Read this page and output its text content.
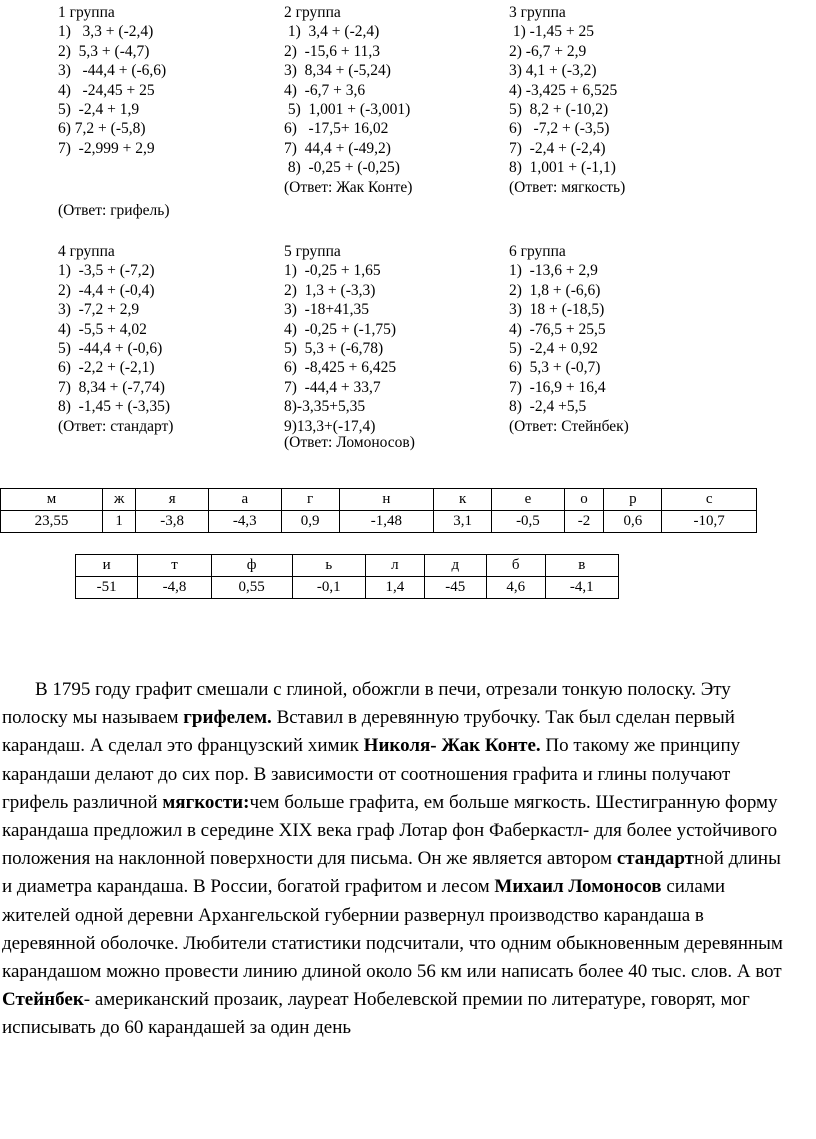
1 группа
1)   3,3 + (-2,4)
2)  5,3 + (-4,7)
3)   -44,4 + (-6,6)
4)   -24,45 + 25
5)  -2,4 + 1,9
6) 7,2 + (-5,8)
7)  -2,999 + 2,9
(Ответ: грифель)
2 группа
1)  3,4 + (-2,4)
2)  -15,6 + 11,3
3)  8,34 + (-5,24)
4)  -6,7 + 3,6
5)  1,001 + (-3,001)
6)   -17,5+ 16,02
7)  44,4 + (-49,2)
8)  -0,25 + (-0,25)
(Ответ: Жак Конте)
3 группа
1) -1,45 + 25
2) -6,7 + 2,9
3) 4,1 + (-3,2)
4) -3,425 + 6,525
5)  8,2 + (-10,2)
6)   -7,2 + (-3,5)
7)  -2,4 + (-2,4)
8)  1,001 + (-1,1)
(Ответ: мягкость)
4 группа
1)  -3,5 + (-7,2)
2)  -4,4 + (-0,4)
3)  -7,2 + 2,9
4)  -5,5 + 4,02
5)  -44,4 + (-0,6)
6)  -2,2 + (-2,1)
7)  8,34 + (-7,74)
8)  -1,45 + (-3,35)
(Ответ: стандарт)
5 группа
1)  -0,25 + 1,65
2)  1,3 + (-3,3)
3)  -18+41,35
4)  -0,25 + (-1,75)
5)  5,3 + (-6,78)
6)  -8,425 + 6,425
7)  -44,4 + 33,7
8)-3,35+5,35
9)13,3+(-17,4)
(Ответ: Ломоносов)
6 группа
1)  -13,6 + 2,9
2)  1,8 + (-6,6)
3)  18 + (-18,5)
4)  -76,5 + 25,5
5)  -2,4 + 0,92
6)  5,3 + (-0,7)
7)  -16,9 + 16,4
8)  -2,4 +5,5
(Ответ: Стейнбек)
м	ж	я	а	г	н	к	е	о	р	с
23,55	1	-3,8	-4,3	0,9	-1,48	3,1	-0,5	-2	0,6	-10,7
и	т	ф	ь	л	д	б	в
-51	-4,8	0,55	-0,1	1,4	-45	4,6	-4,1

В 1795 году графит смешали с глиной, обожгли в печи, отрезали тонкую полоску. Эту полоску мы называем грифелем. Вставил в деревянную трубочку. Так был сделан первый карандаш. А сделал это французский химик Николя- Жак Конте. По такому же принципу карандаши делают до сих пор. В зависимости от соотношения графита и глины получают грифель различной мягкости:чем больше графита, ем больше мягкость. Шестигранную форму карандаша предложил в середине XIX века граф Лотар фон Фаберкастл- для более устойчивого положения на наклонной поверхности для письма. Он же является автором стандартной длины и диаметра карандаша. В России, богатой графитом и лесом Михаил Ломоносов силами жителей одной деревни Архангельской губернии развернул производство карандаша в деревянной оболочке. Любители статистики подсчитали, что одним обыкновенным деревянным карандашом можно провести линию длиной около 56 км или написать более 40 тыс. слов. А вот Стейнбек- американский прозаик, лауреат Нобелевской премии по литературе, говорят, мог исписывать до 60 карандашей за один день
